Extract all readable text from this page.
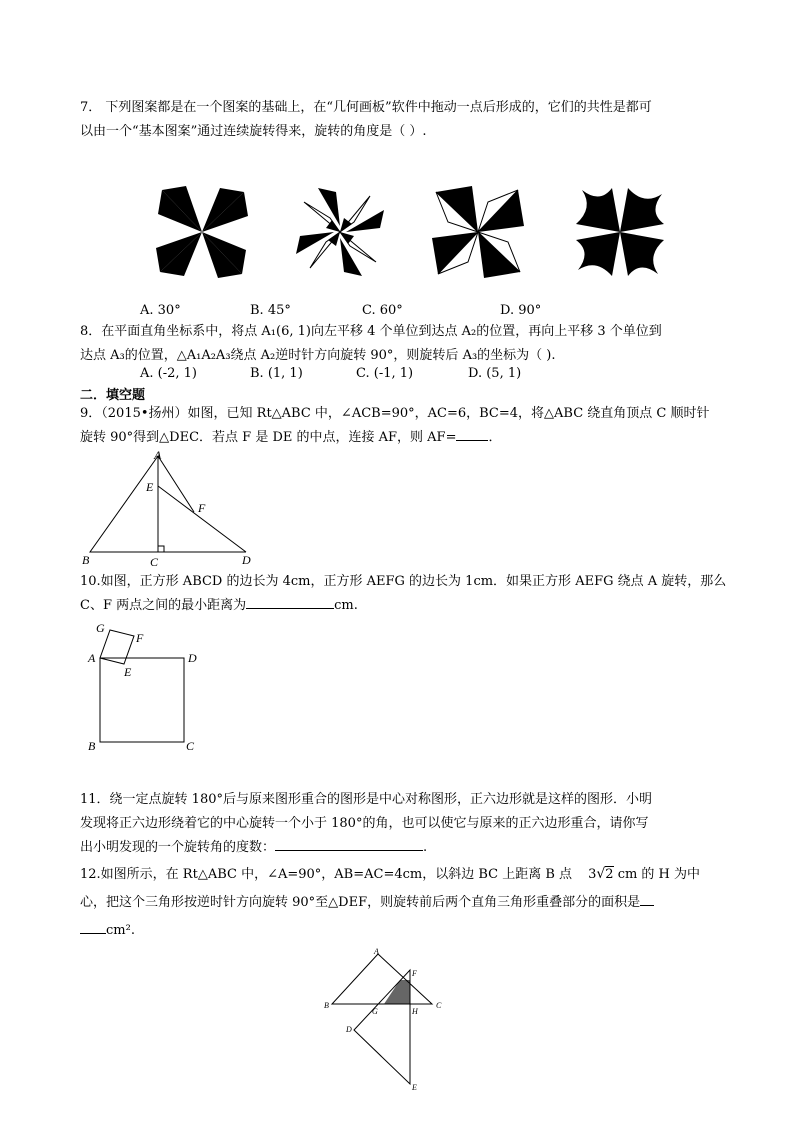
7． 下列图案都是在一个图案的基础上，在“几何画板”软件中拖动一点后形成的，它们的共性是都可

以由一个“基本图案”通过连续旋转得来，旋转的角度是（ ）.

A. 30°	B. 45°	C. 60°	D. 90°

8．在平面直角坐标系中，将点 A₁(6, 1)向左平移 4 个单位到达点 A₂的位置，再向上平移 3 个单位到

达点 A₃的位置，△A₁A₂A₃绕点 A₂逆时针方向旋转 90°，则旋转后 A₃的坐标为（ ).

A. (-2, 1)	B. (1, 1)	C. (-1, 1)	D. (5, 1)
二．填空题

9．（2015•扬州）如图，已知 Rt△ABC 中，∠ACB=90°，AC=6，BC=4，将△ABC 绕直角顶点 C 顺时针

旋转 90°得到△DEC．若点 F 是 DE 的中点，连接 AF，则 AF= ．

A
E
F
B	C	D

10.如图，正方形 ABCD 的边长为 4cm，正方形 AEFG 的边长为 1cm．如果正方形 AEFG 绕点 A 旋转，那么

C、F 两点之间的最小距离为	cm.

G
F
A
E
D
B	C

11．绕一定点旋转 180°后与原来图形重合的图形是中心对称图形，正六边形就是这样的图形．小明

发现将正六边形绕着它的中心旋转一个小于 180°的角，也可以使它与原来的正六边形重合，请你写

出小明发现的一个旋转角的度数：	.

12.如图所示，在 Rt△ABC 中，∠A=90°，AB=AC=4cm，以斜边 BC 上距离 B 点 3√2 cm 的 H 为中

心，把这个三角形按逆时针方向旋转 90°至△DEF，则旋转前后两个直角三角形重叠部分的面积是

cm².

A
F
B
G	H
C
D
E
